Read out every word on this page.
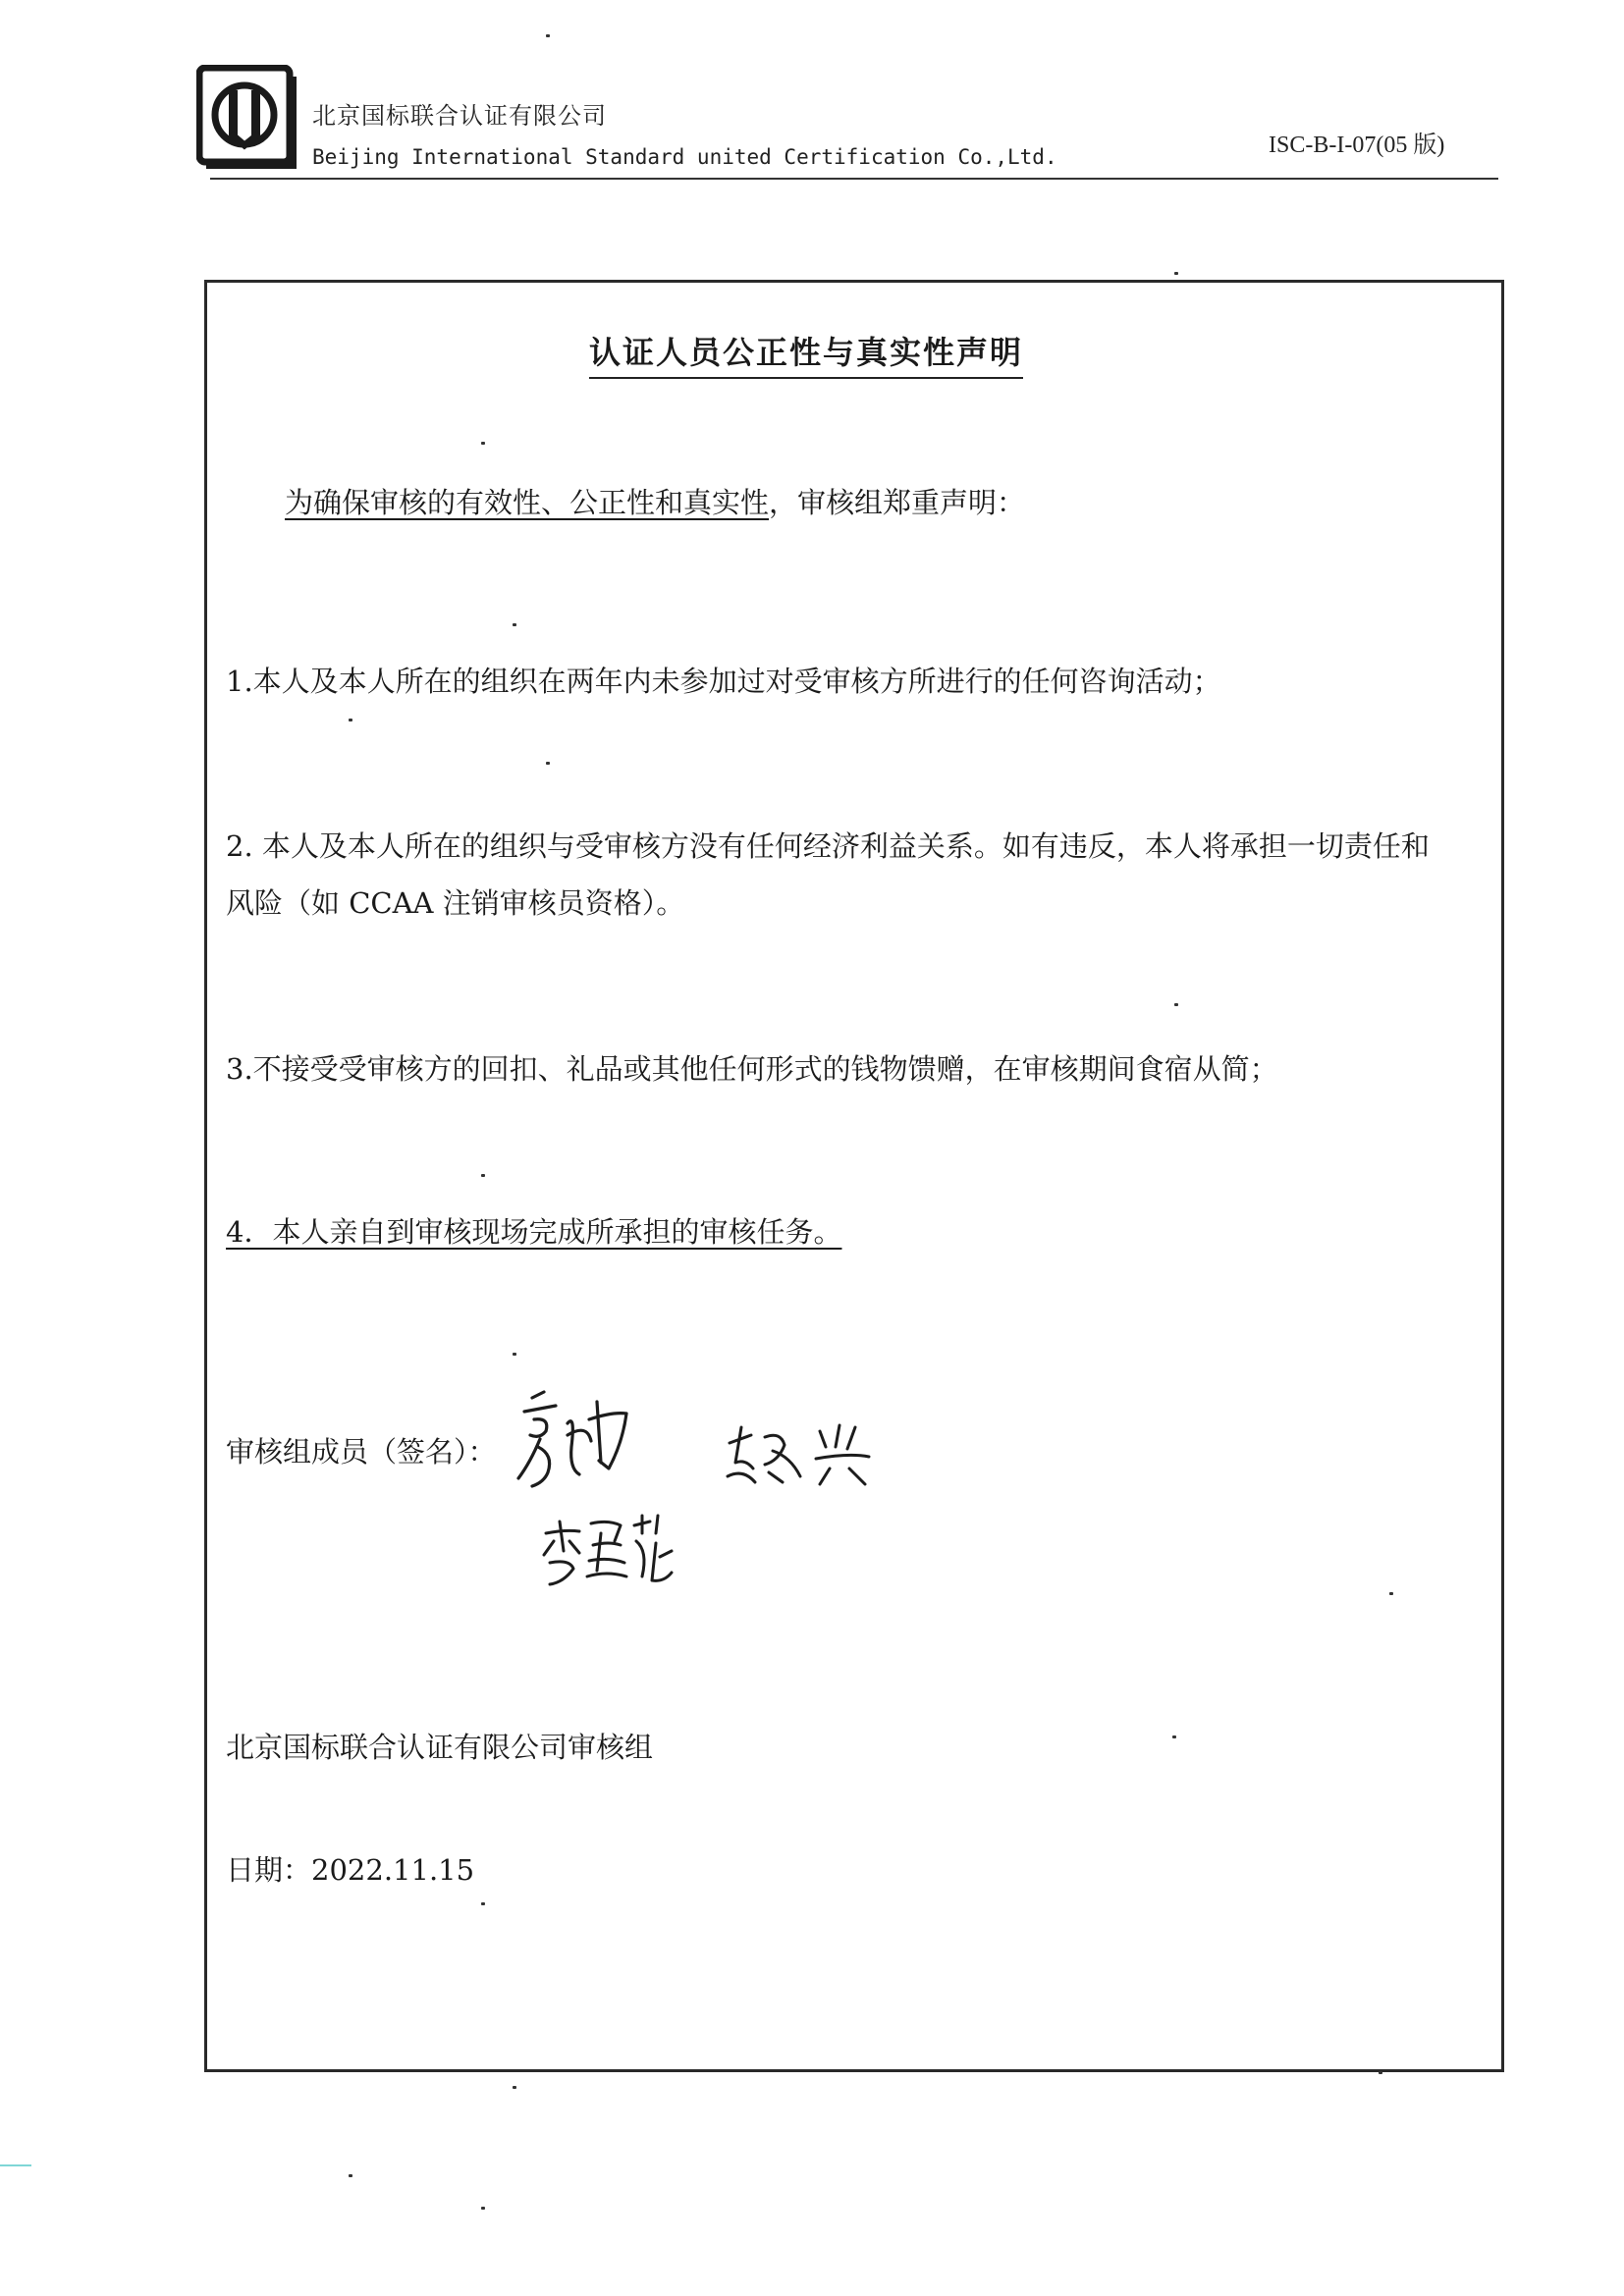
北京国标联合认证有限公司
Beijing International Standard united Certification Co.,Ltd.	ISC-B-I-07(05 版)
认证人员公正性与真实性声明
为确保审核的有效性、公正性和真实性，审核组郑重声明：
1.本人及本人所在的组织在两年内未参加过对受审核方所进行的任何咨询活动；
2. 本人及本人所在的组织与受审核方没有任何经济利益关系。如有违反，本人将承担一切责任和
风险（如 CCAA 注销审核员资格）。
3.不接受受审核方的回扣、礼品或其他任何形式的钱物馈赠，在审核期间食宿从简；
4．本人亲自到审核现场完成所承担的审核任务。
审核组成员（签名）：
北京国标联合认证有限公司审核组
日期：2022.11.15
